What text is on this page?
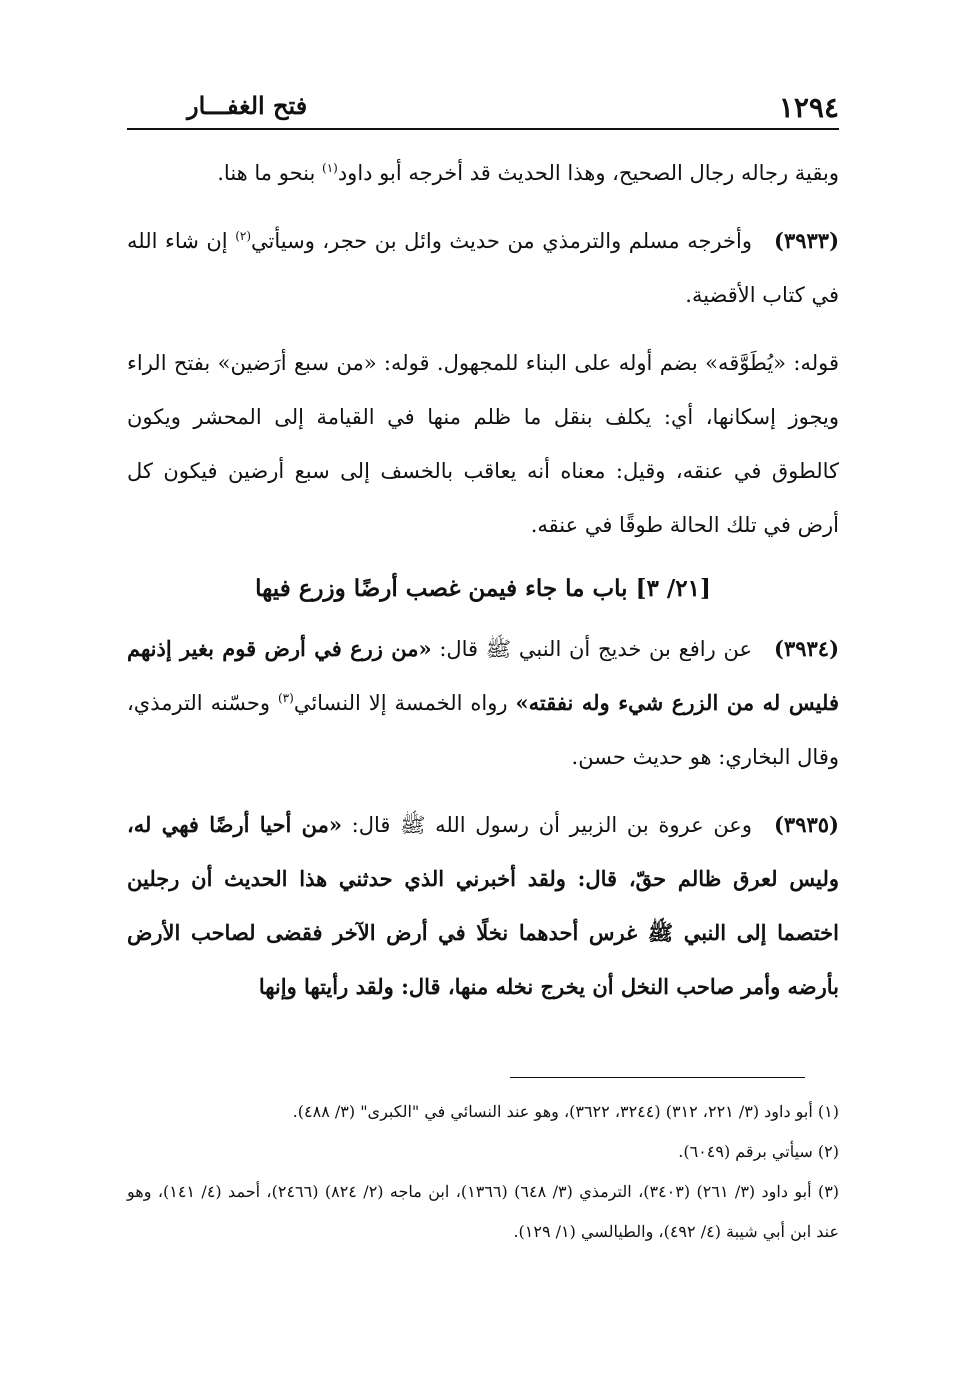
١٢٩٤
فتح الغفـــار

وبقية رجاله رجال الصحيح، وهذا الحديث قد أخرجه أبو داود$^{(١)}$ بنحو ما هنا.

(٣٩٣٣)وأخرجه مسلم والترمذي من حديث وائل بن حجر، وسيأتي$^{(٢)}$ إن شاء الله في كتاب الأقضية.

قوله: «يُطَوَّقه» بضم أوله على البناء للمجهول. قوله: «من سبع أرَضين» بفتح الراء ويجوز إسكانها، أي: يكلف بنقل ما ظلم منها في القيامة إلى المحشر ويكون كالطوق في عنقه، وقيل: معناه أنه يعاقب بالخسف إلى سبع أرضين فيكون كل أرض في تلك الحالة طوقًا في عنقه.

[٢١/ ٣] باب ما جاء فيمن غصب أرضًا وزرع فيها

(٣٩٣٤)عن رافع بن خديج أن النبي ﷺ قال: «من زرع في أرض قوم بغير إذنهم فليس له من الزرع شيء وله نفقته» رواه الخمسة إلا النسائي$^{(٣)}$ وحسّنه الترمذي، وقال البخاري: هو حديث حسن.

(٣٩٣٥)وعن عروة بن الزبير أن رسول الله ﷺ قال: «من أحيا أرضًا فهي له، وليس لعرق ظالم حقّ، قال: ولقد أخبرني الذي حدثني هذا الحديث أن رجلين اختصما إلى النبي ﷺ غرس أحدهما نخلًا في أرض الآخر فقضى لصاحب الأرض بأرضه وأمر صاحب النخل أن يخرج نخله منها، قال: ولقد رأيتها وإنها

(١) أبو داود (٣/ ٢٢١، ٣١٢) (٣٢٤٤، ٣٦٢٢)، وهو عند النسائي في "الكبرى" (٣/ ٤٨٨).

(٢) سيأتي برقم (٦٠٤٩).

(٣) أبو داود (٣/ ٢٦١) (٣٤٠٣)، الترمذي (٣/ ٦٤٨) (١٣٦٦)، ابن ماجه (٢/ ٨٢٤) (٢٤٦٦)، أحمد (٤/ ١٤١)، وهو عند ابن أبي شيبة (٤/ ٤٩٢)، والطيالسي (١/ ١٢٩).
